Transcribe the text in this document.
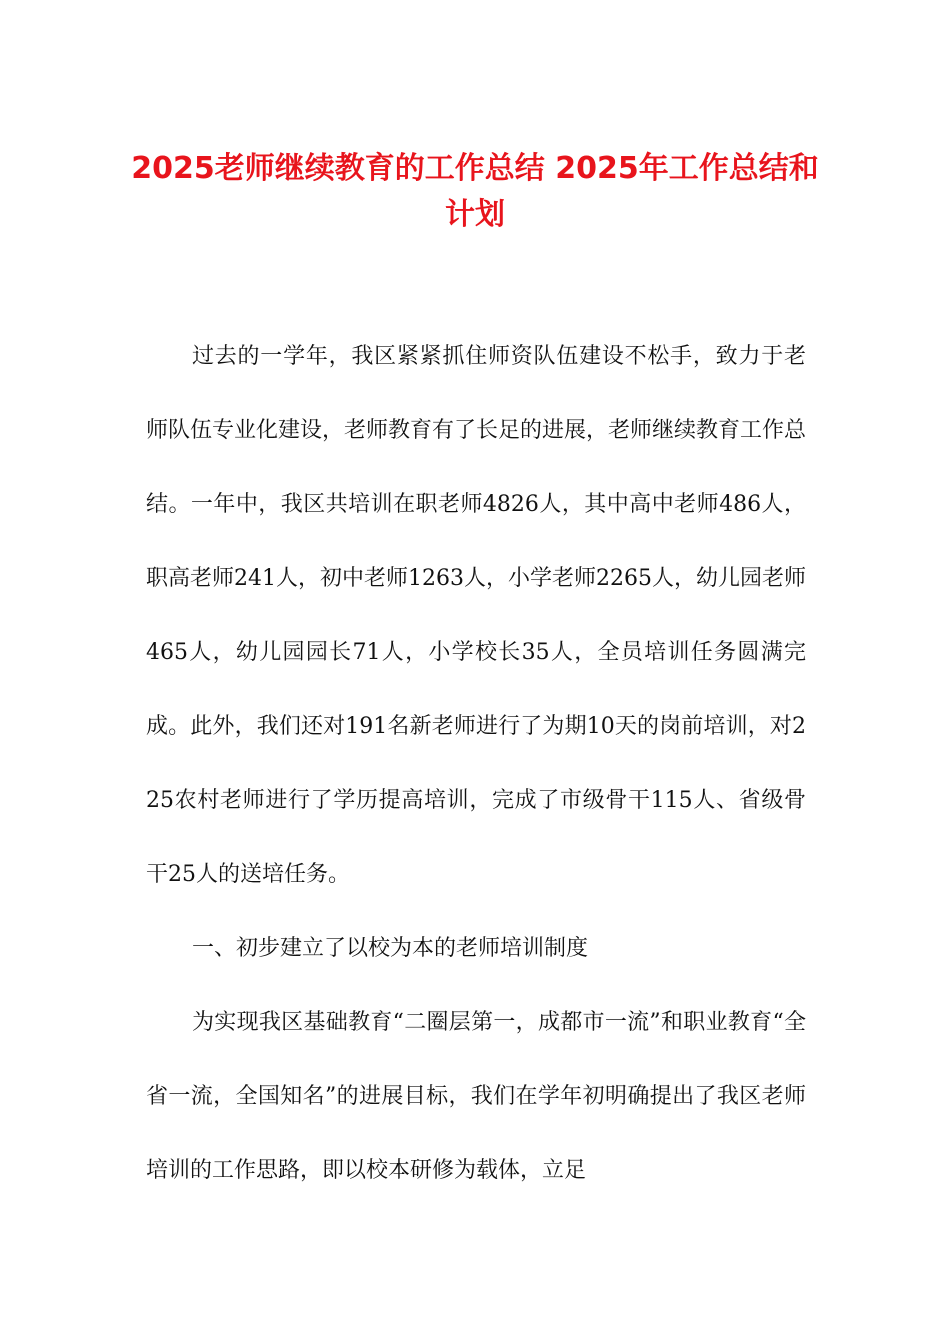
2025老师继续教育的工作总结 2025年工作总结和计划

过去的一学年，我区紧紧抓住师资队伍建设不松手，致力于老师队伍专业化建设，老师教育有了长足的进展，老师继续教育工作总结。一年中，我区共培训在职老师4826人，其中高中老师486人，职高老师241人，初中老师1263人，小学老师2265人，幼儿园老师465人，幼儿园园长71人，小学校长35人，全员培训任务圆满完成。此外，我们还对191名新老师进行了为期10天的岗前培训，对225农村老师进行了学历提高培训，完成了市级骨干115人、省级骨干25人的送培任务。

一、初步建立了以校为本的老师培训制度

为实现我区基础教育“二圈层第一，成都市一流”和职业教育“全省一流，全国知名”的进展目标，我们在学年初明确提出了我区老师培训的工作思路，即以校本研修为载体，立足
